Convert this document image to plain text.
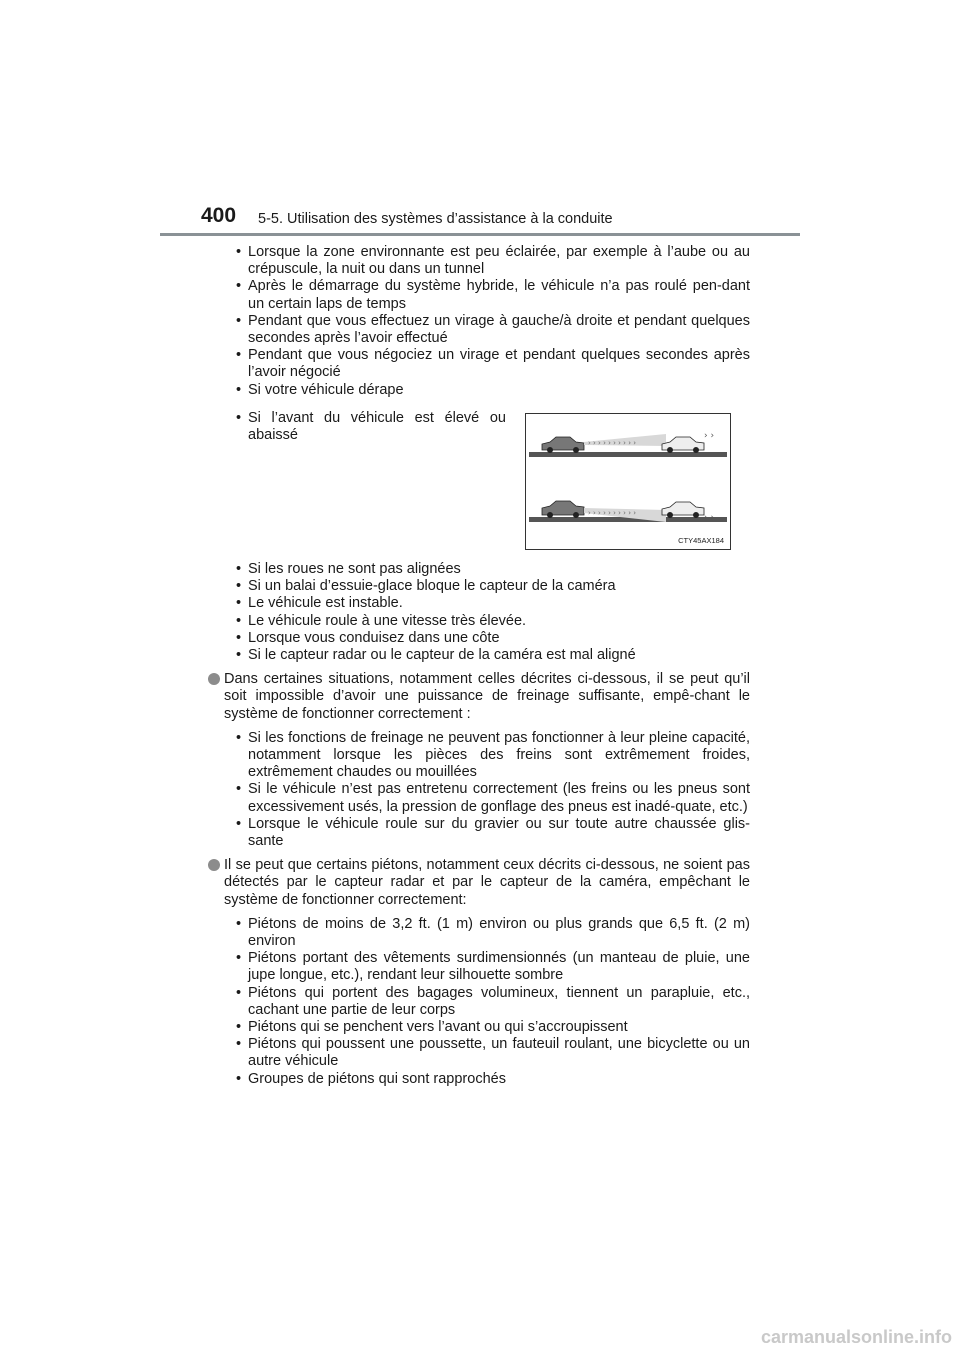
400 5-5. Utilisation des systèmes d’assistance à la conduite
• Lorsque la zone environnante est peu éclairée, par exemple à l’aube ou au crépuscule, la nuit ou dans un tunnel
• Après le démarrage du système hybride, le véhicule n’a pas roulé pen-dant un certain laps de temps
• Pendant que vous effectuez un virage à gauche/à droite et pendant quelques secondes après l’avoir effectué
• Pendant que vous négociez un virage et pendant quelques secondes après l’avoir négocié
• Si votre véhicule dérape
• Si l’avant du véhicule est élevé ou abaissé	› › › › › › › › › ›
› ›
› › › › › › › › › ›	› ›
CTY45AX184
• Si les roues ne sont pas alignées
• Si un balai d’essuie-glace bloque le capteur de la caméra
• Le véhicule est instable.
• Le véhicule roule à une vitesse très élevée.
• Lorsque vous conduisez dans une côte
• Si le capteur radar ou le capteur de la caméra est mal aligné
Dans certaines situations, notamment celles décrites ci-dessous, il se peut qu’il soit impossible d’avoir une puissance de freinage suffisante, empê-chant le système de fonctionner correctement :
• Si les fonctions de freinage ne peuvent pas fonctionner à leur pleine capacité, notamment lorsque les pièces des freins sont extrêmement froides, extrêmement chaudes ou mouillées
• Si le véhicule n’est pas entretenu correctement (les freins ou les pneus sont excessivement usés, la pression de gonflage des pneus est inadé-quate, etc.)
• Lorsque le véhicule roule sur du gravier ou sur toute autre chaussée glis-sante
Il se peut que certains piétons, notamment ceux décrits ci-dessous, ne soient pas détectés par le capteur radar et par le capteur de la caméra, empêchant le système de fonctionner correctement:
• Piétons de moins de 3,2 ft. (1 m) environ ou plus grands que 6,5 ft. (2 m) environ
• Piétons portant des vêtements surdimensionnés (un manteau de pluie, une jupe longue, etc.), rendant leur silhouette sombre
• Piétons qui portent des bagages volumineux, tiennent un parapluie, etc., cachant une partie de leur corps
• Piétons qui se penchent vers l’avant ou qui s’accroupissent
• Piétons qui poussent une poussette, un fauteuil roulant, une bicyclette ou un autre véhicule
• Groupes de piétons qui sont rapprochés
carmanualsonline.info
